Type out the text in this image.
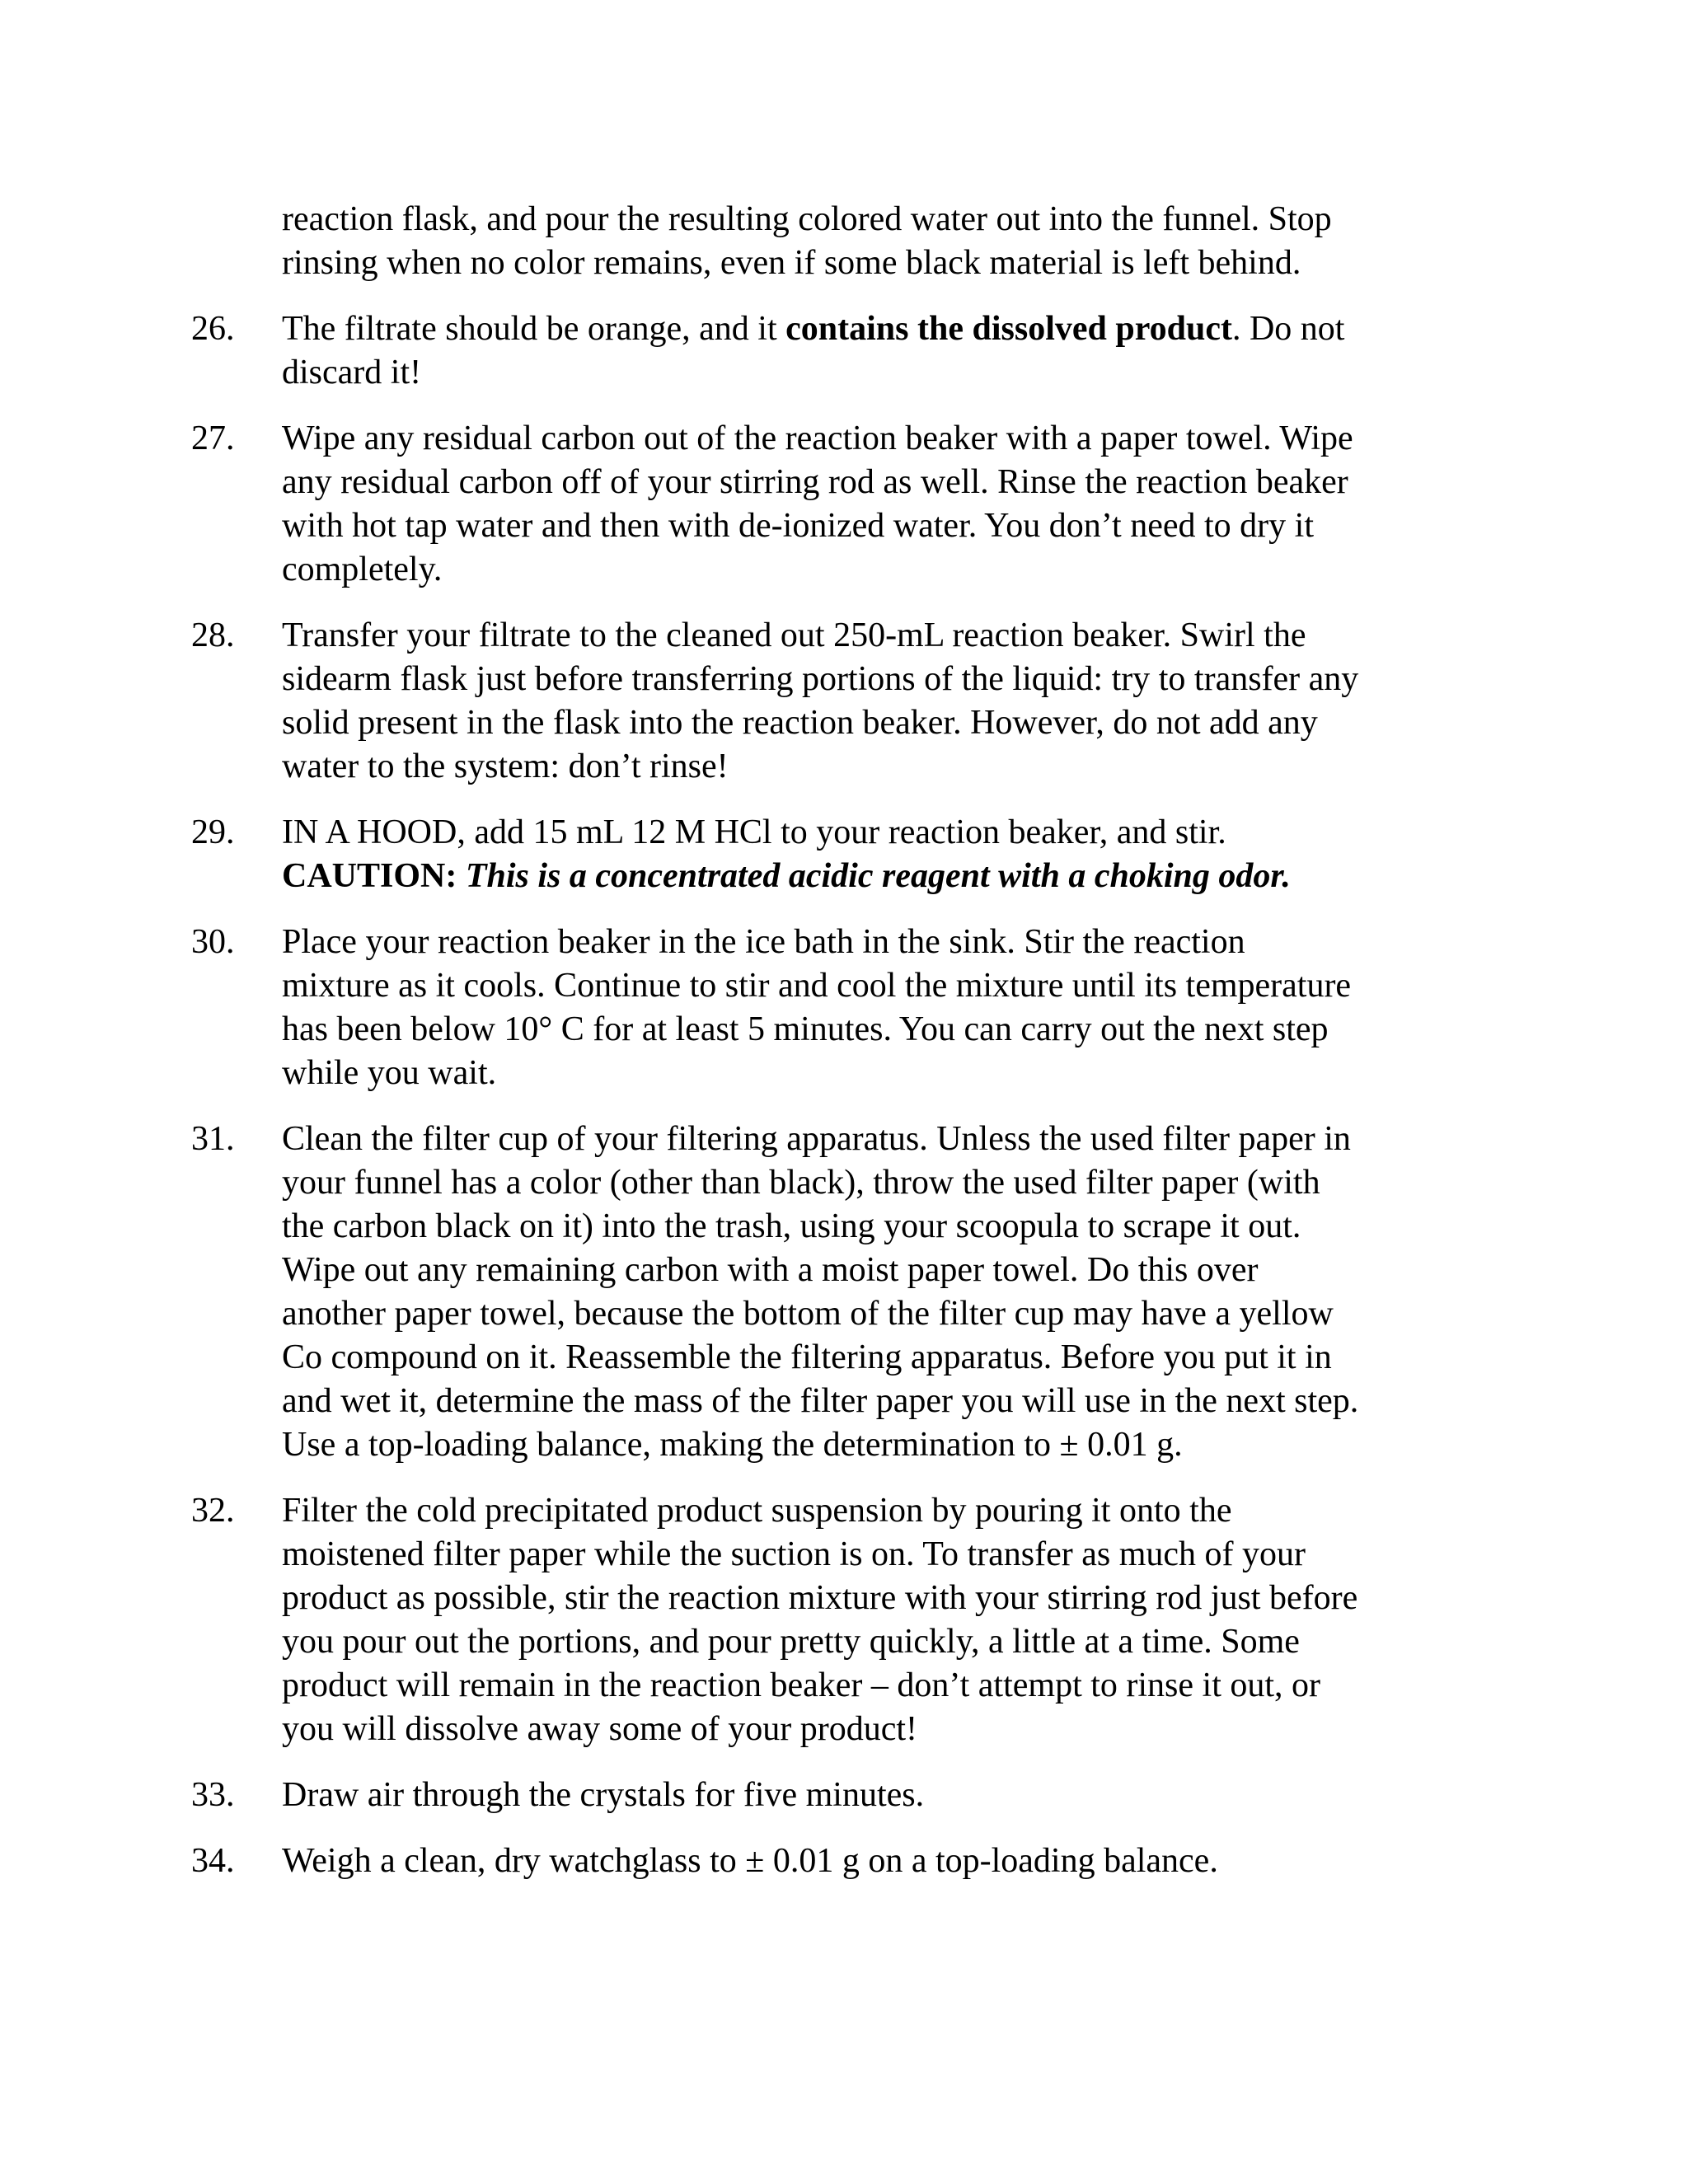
reaction flask, and pour the resulting colored water out into the funnel. Stop
rinsing when no color remains, even if some black material is left behind.
26. The filtrate should be orange, and it contains the dissolved product. Do not
discard it!
27. Wipe any residual carbon out of the reaction beaker with a paper towel. Wipe
any residual carbon off of your stirring rod as well. Rinse the reaction beaker
with hot tap water and then with de-ionized water. You don’t need to dry it
completely.
28. Transfer your filtrate to the cleaned out 250-mL reaction beaker. Swirl the
sidearm flask just before transferring portions of the liquid: try to transfer any
solid present in the flask into the reaction beaker. However, do not add any
water to the system: don’t rinse!
29. IN A HOOD, add 15 mL 12 M HCl to your reaction beaker, and stir.
CAUTION: This is a concentrated acidic reagent with a choking odor.
30. Place your reaction beaker in the ice bath in the sink. Stir the reaction
mixture as it cools. Continue to stir and cool the mixture until its temperature
has been below 10° C for at least 5 minutes. You can carry out the next step
while you wait.
31. Clean the filter cup of your filtering apparatus. Unless the used filter paper in
your funnel has a color (other than black), throw the used filter paper (with
the carbon black on it) into the trash, using your scoopula to scrape it out.
Wipe out any remaining carbon with a moist paper towel. Do this over
another paper towel, because the bottom of the filter cup may have a yellow
Co compound on it. Reassemble the filtering apparatus. Before you put it in
and wet it, determine the mass of the filter paper you will use in the next step.
Use a top-loading balance, making the determination to ± 0.01 g.
32. Filter the cold precipitated product suspension by pouring it onto the
moistened filter paper while the suction is on. To transfer as much of your
product as possible, stir the reaction mixture with your stirring rod just before
you pour out the portions, and pour pretty quickly, a little at a time. Some
product will remain in the reaction beaker – don’t attempt to rinse it out, or
you will dissolve away some of your product!
33. Draw air through the crystals for five minutes.
34. Weigh a clean, dry watchglass to ± 0.01 g on a top-loading balance.
